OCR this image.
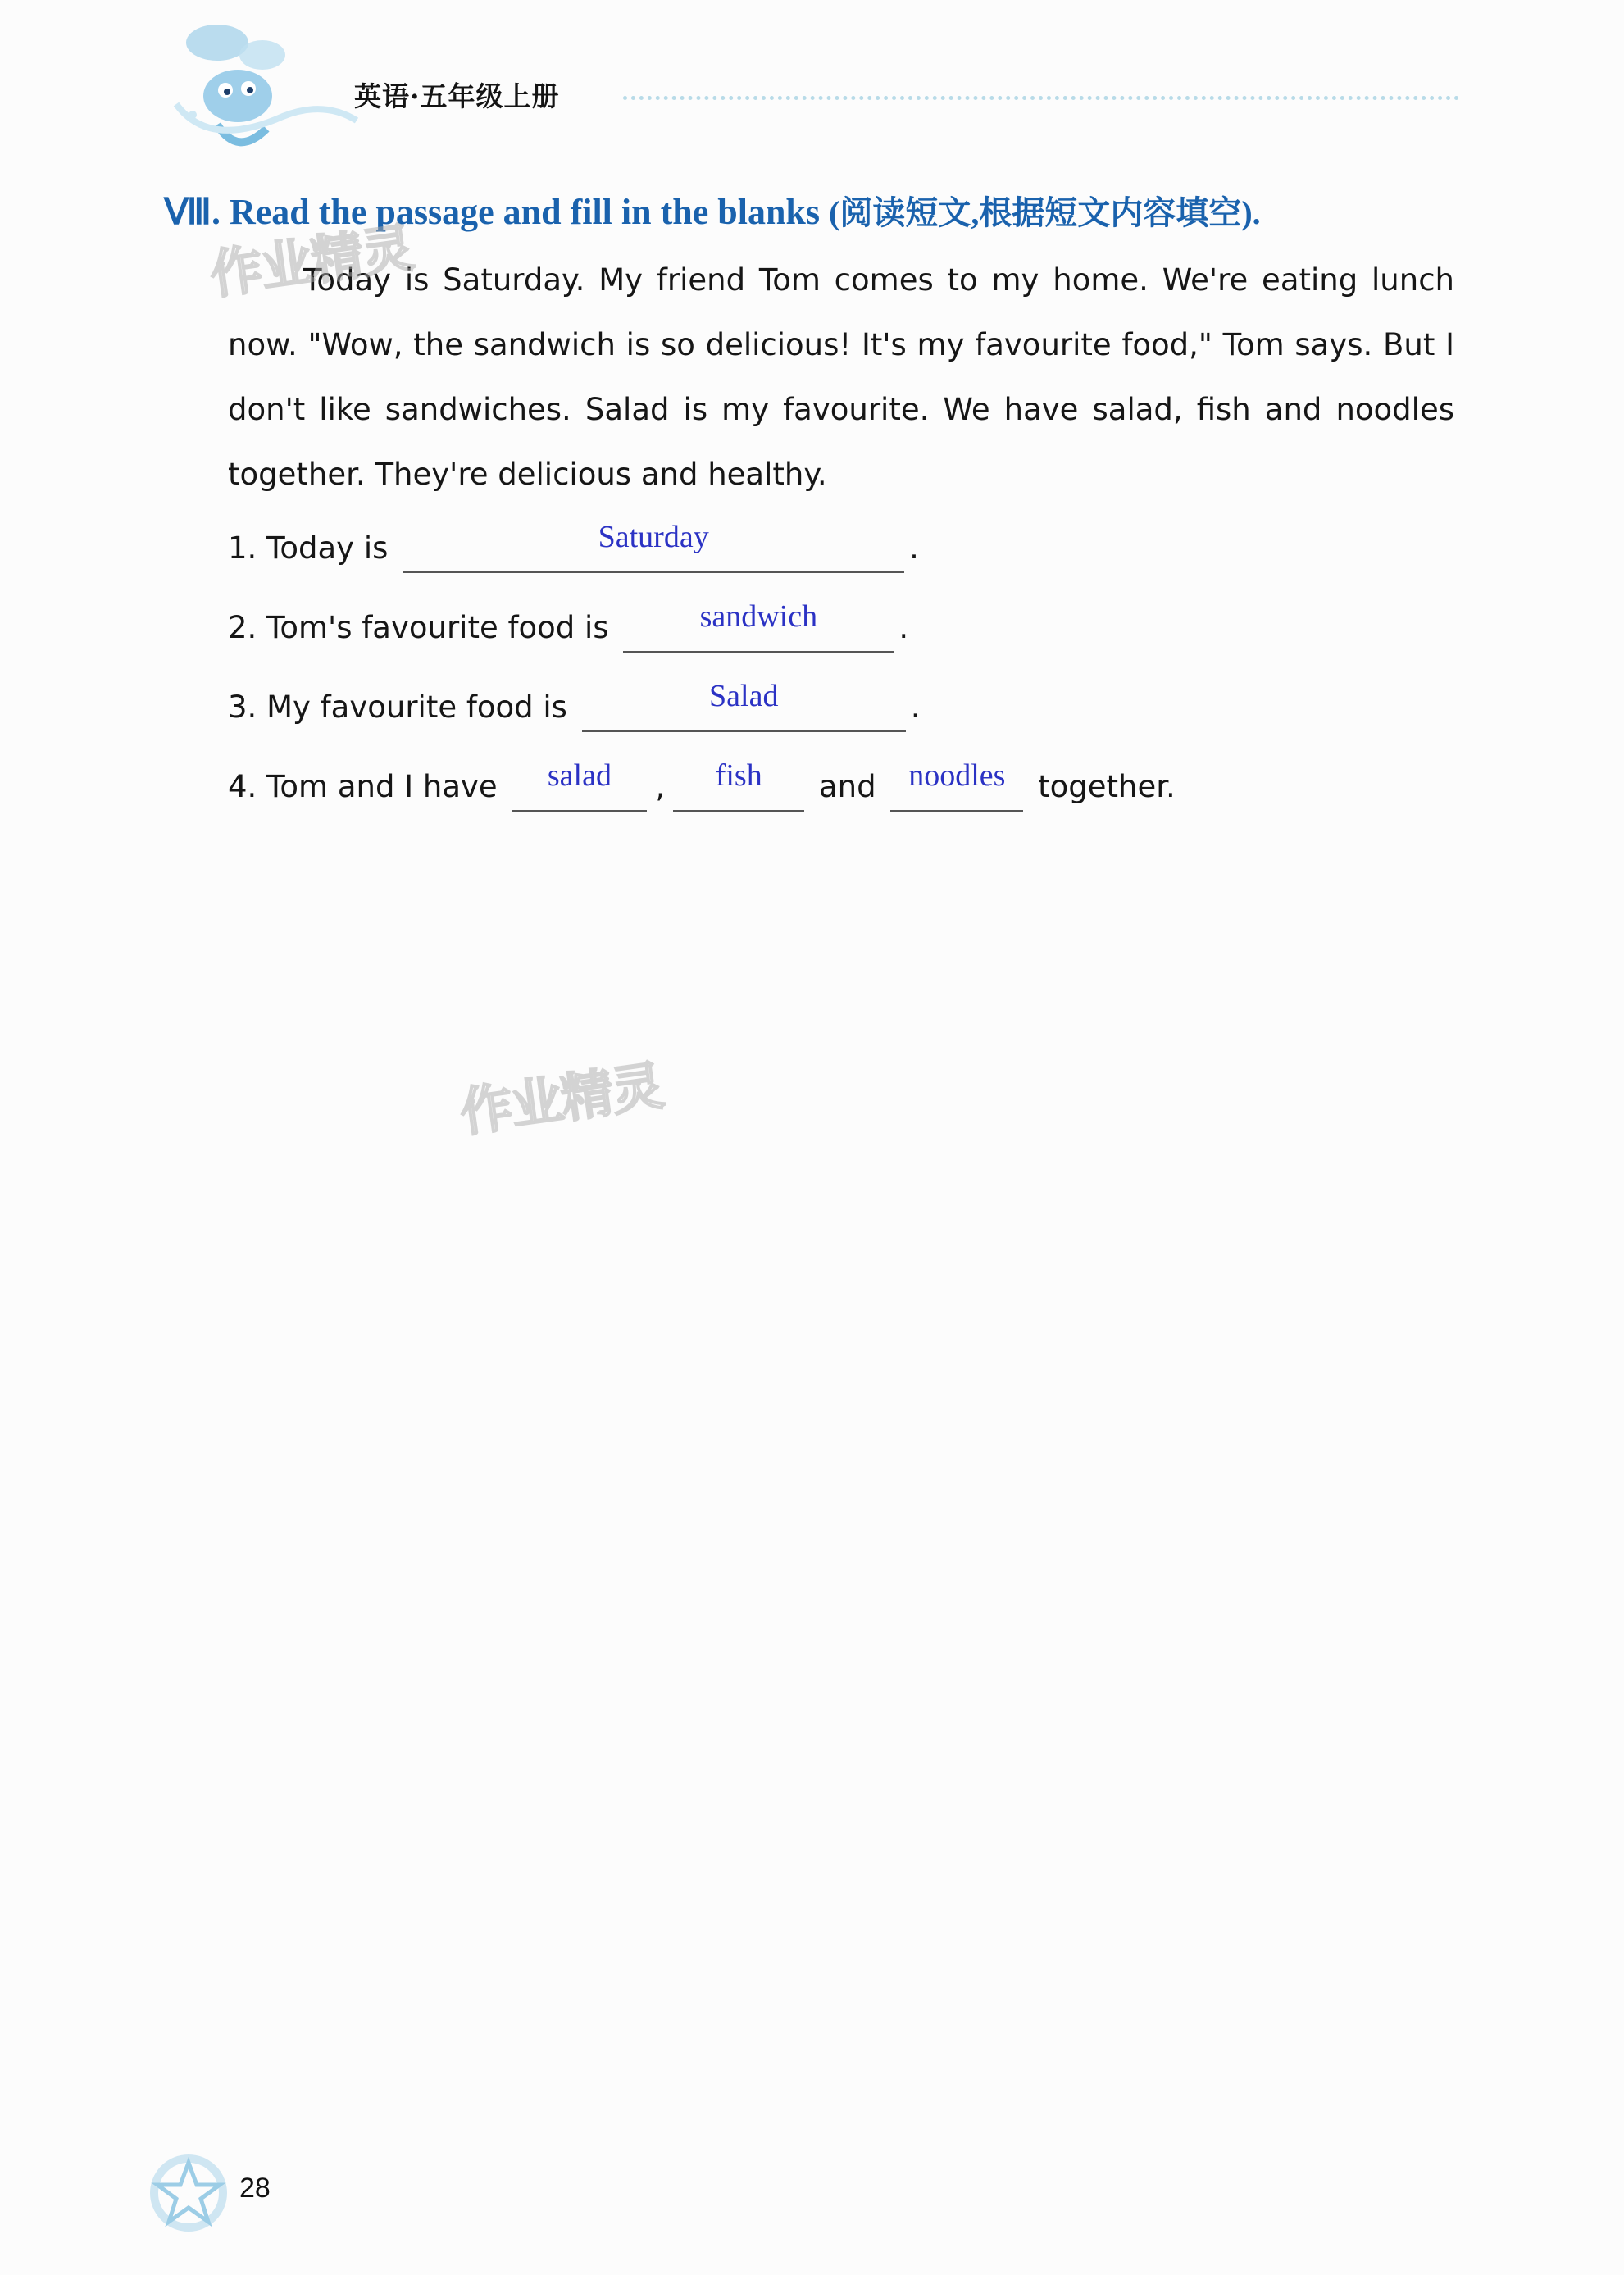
英语·五年级上册
Ⅷ. Read the passage and fill in the blanks (阅读短文,根据短文内容填空).
Today is Saturday. My friend Tom comes to my home. We're eating lunch now. "Wow, the sandwich is so delicious! It's my favourite food," Tom says. But I don't like sandwiches. Salad is my favourite. We have salad, fish and noodles together. They're delicious and healthy.
1. Today is	Saturday	.
2. Tom's favourite food is	sandwich	.
3. My favourite food is	Salad	.
4. Tom and I have	salad	,	fish	and	noodles	together.
作业精灵
作业精灵
28
